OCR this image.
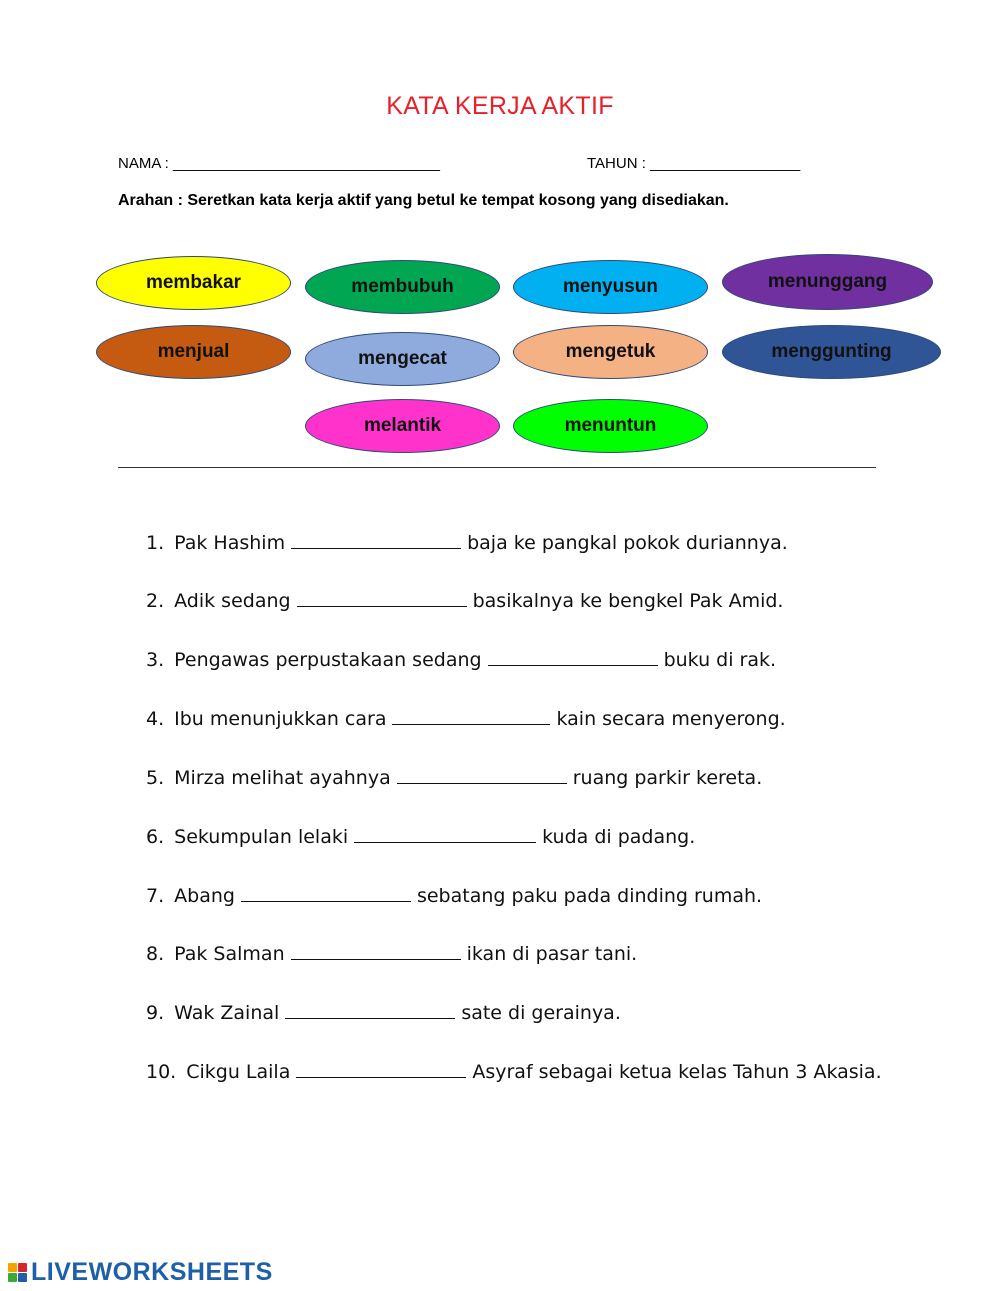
KATA KERJA AKTIF
NAMA : ________________________________	TAHUN : __________________
Arahan : Seretkan kata kerja aktif yang betul ke tempat kosong yang disediakan.
membakar	membubuh	menyusun	menunggang
menjual	mengecat	mengetuk	menggunting
melantik	menuntun
1. Pak Hashim	baja ke pangkal pokok duriannya.
2. Adik sedang	basikalnya ke bengkel Pak Amid.
3. Pengawas perpustakaan sedang	buku di rak.
4. Ibu menunjukkan cara	kain secara menyerong.
5. Mirza melihat ayahnya	ruang parkir kereta.
6. Sekumpulan lelaki	kuda di padang.
7. Abang	sebatang paku pada dinding rumah.
8. Pak Salman	ikan di pasar tani.
9. Wak Zainal	sate di gerainya.
10. Cikgu Laila	Asyraf sebagai ketua kelas Tahun 3 Akasia.
LIVEWORKSHEETS
